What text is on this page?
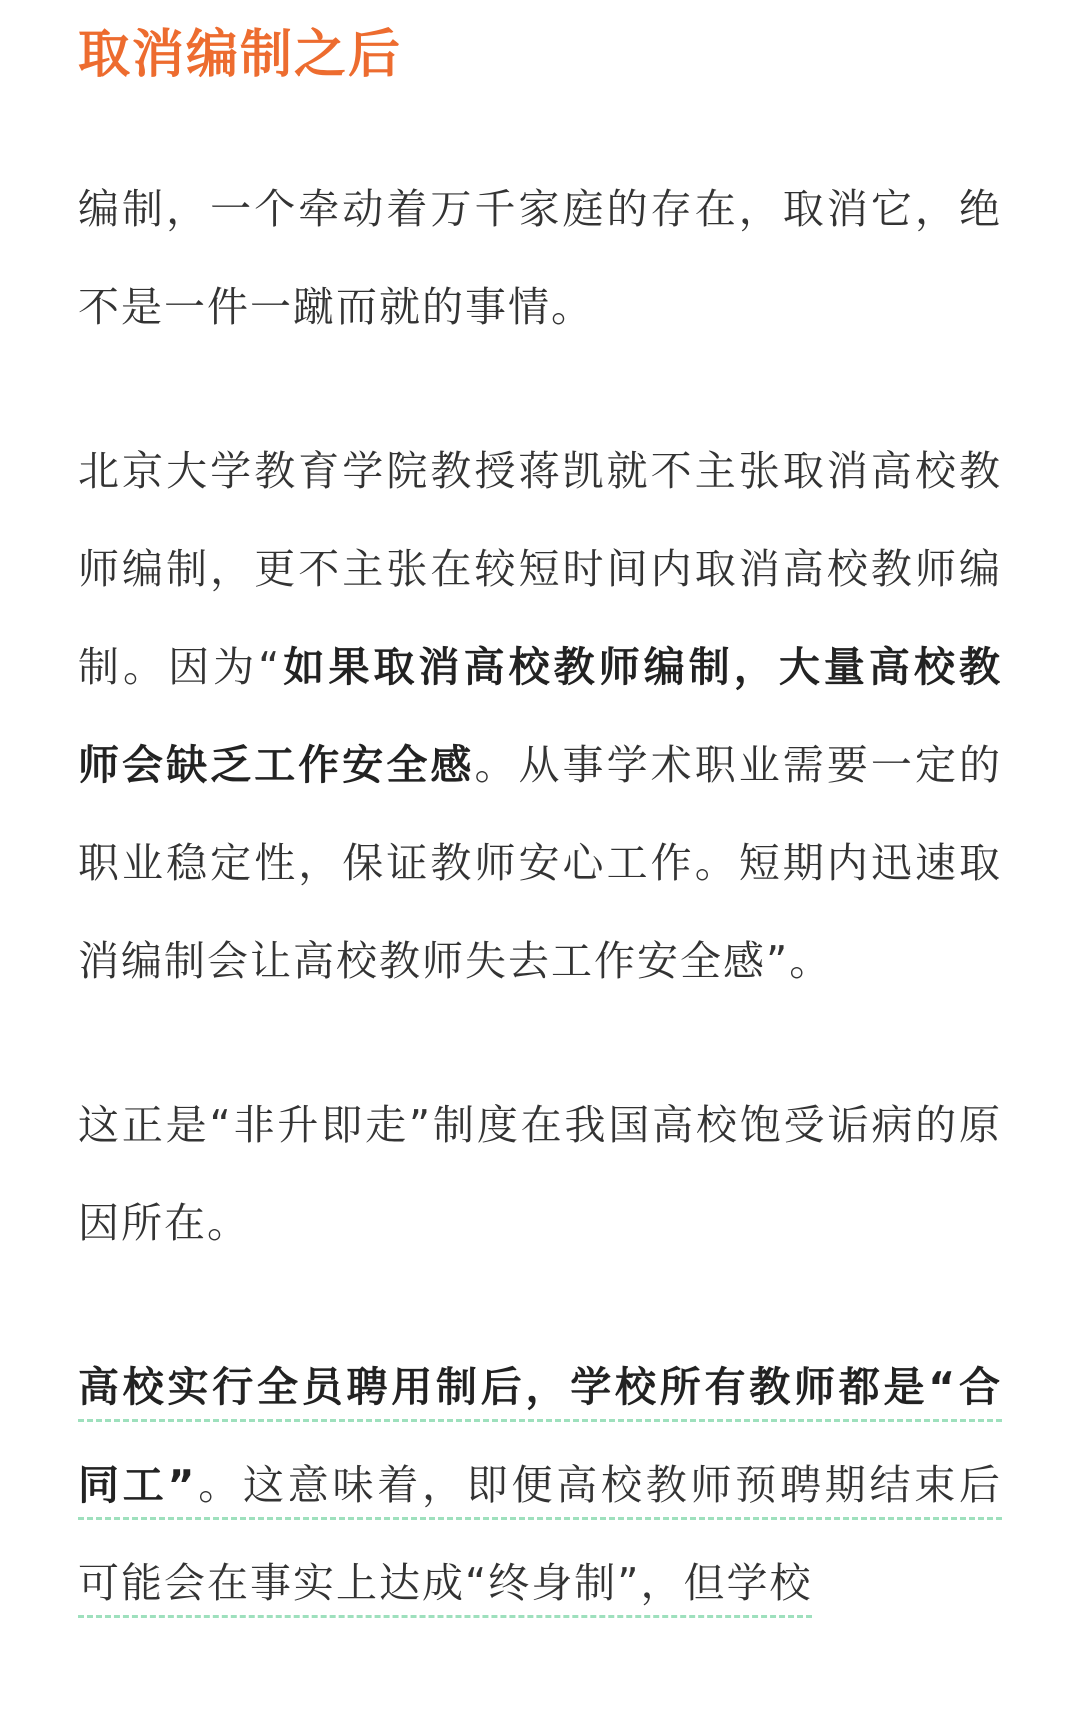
取消编制之后

编制，一个牵动着万千家庭的存在，取消它，绝不是一件一蹴而就的事情。

北京大学教育学院教授蒋凯就不主张取消高校教师编制，更不主张在较短时间内取消高校教师编制。因为“如果取消高校教师编制，大量高校教师会缺乏工作安全感。从事学术职业需要一定的职业稳定性，保证教师安心工作。短期内迅速取消编制会让高校教师失去工作安全感”。

这正是“非升即走”制度在我国高校饱受诟病的原因所在。

高校实行全员聘用制后，学校所有教师都是“合同工”。这意味着，即便高校教师预聘期结束后可能会在事实上达成“终身制”，但学校
